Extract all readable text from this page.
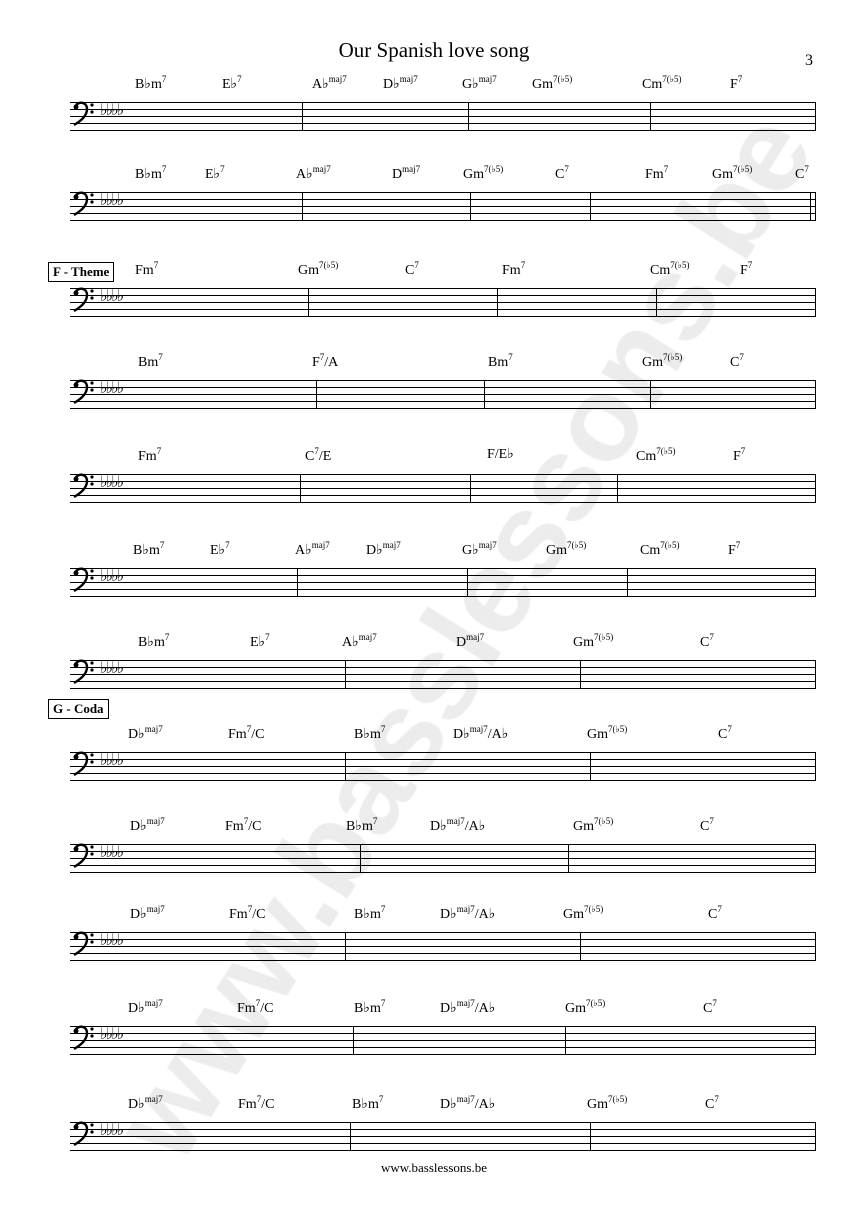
Our Spanish love song	3
♭♭♭♭
$B♭m^7$	E♭$^7$	A♭$^{maj7}$	D♭$^{maj7}$	G♭$^{maj7}$	$Gm^{7(♭5)}$	$Cm^{7(♭5)}$	$F^7$
♭♭♭♭
$B♭m^7$	E♭$^7$	A♭$^{maj7}$	$D^{maj7}$	$Gm^{7(♭5)}$	$C^7$	Fm$^7$	$Gm^{7(♭5)}$	$C^7$
♭♭♭♭
Fm$^7$	$Gm^{7(♭5)}$	$C^7$	Fm$^7$	$Cm^{7(♭5)}$	$F^7$
♭♭♭♭
Bm$^7$	$F^7/A$	Bm$^7$	$Gm^{7(♭5)}$	$C^7$
♭♭♭♭
Fm$^7$	$C^7/E$	F/E♭	$Cm^{7(♭5)}$	$F^7$
♭♭♭♭
$B♭m^7$	E♭$^7$	A♭$^{maj7}$	D♭$^{maj7}$	G♭$^{maj7}$	$Gm^{7(♭5)}$	$Cm^{7(♭5)}$	$F^7$
♭♭♭♭
$B♭m^7$	E♭$^7$	A♭$^{maj7}$	$D^{maj7}$	$Gm^{7(♭5)}$	$C^7$
♭♭♭♭
D♭$^{maj7}$	Fm$^7$/C	$B♭m^7$	D♭$^{maj7}$/A♭	$Gm^{7(♭5)}$	$C^7$
♭♭♭♭
D♭$^{maj7}$	Fm$^7$/C	$B♭m^7$	D♭$^{maj7}$/A♭	$Gm^{7(♭5)}$	$C^7$
♭♭♭♭
D♭$^{maj7}$	Fm$^7$/C	$B♭m^7$	D♭$^{maj7}$/A♭	$Gm^{7(♭5)}$	$C^7$
♭♭♭♭
D♭$^{maj7}$	Fm$^7$/C	$B♭m^7$	D♭$^{maj7}$/A♭	$Gm^{7(♭5)}$	$C^7$
♭♭♭♭
D♭$^{maj7}$	Fm$^7$/C	$B♭m^7$	D♭$^{maj7}$/A♭	$Gm^{7(♭5)}$	$C^7$
F - Theme
G - Coda
www.basslessons.be
